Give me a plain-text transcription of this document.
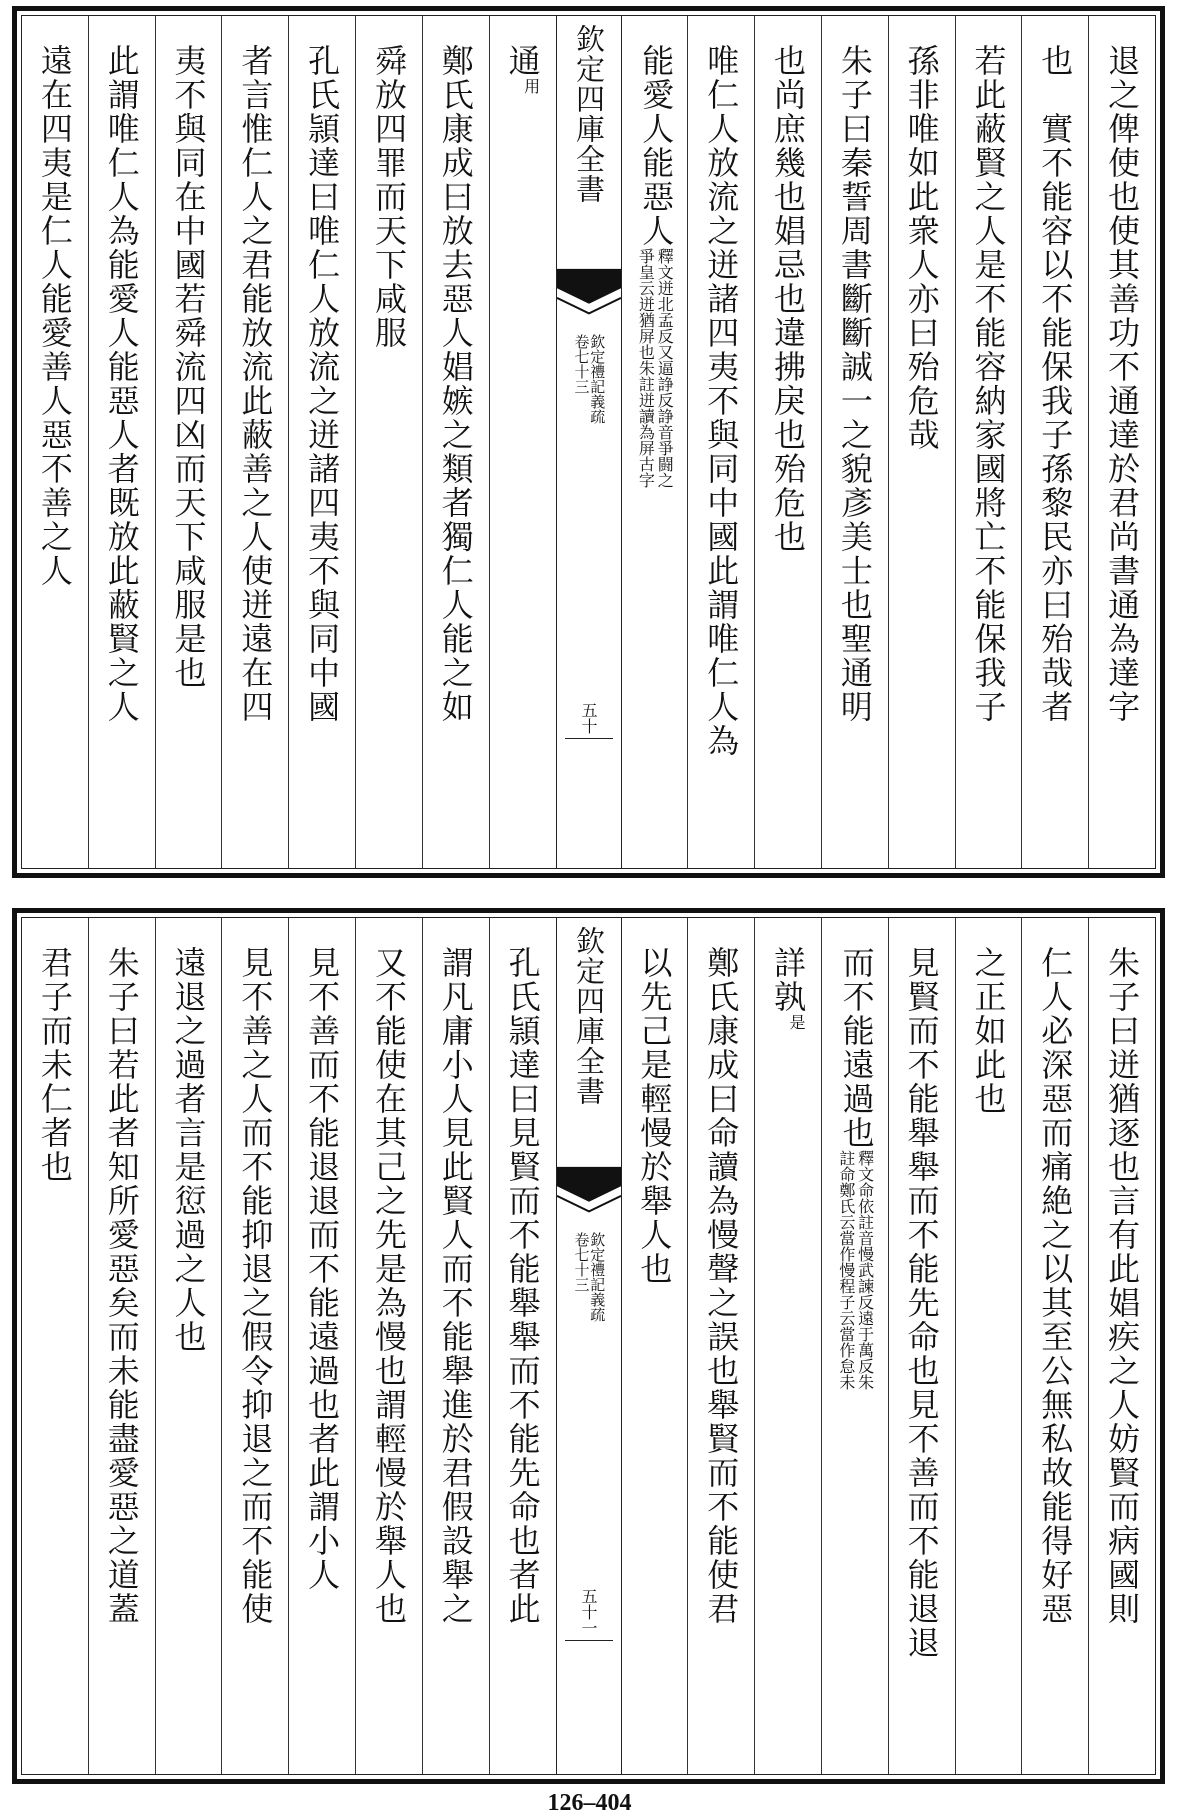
退之俾使也使其善功不通達於君尚書通為達字
也　實不能容以不能保我子孫黎民亦曰殆哉者
若此蔽賢之人是不能容納家國將亡不能保我子
孫非唯如此衆人亦曰殆危哉
朱子曰秦誓周書斷斷誠一之貌彥美士也聖通明
也尚庶幾也娼忌也違拂戾也殆危也
唯仁人放流之迸諸四夷不與同中國此謂唯仁人為
能愛人能惡人
釋文迸北孟反又逼諍反諍音爭闘之
爭皇云迸猶屏也朱註迸讀為屏古字
欽定四庫全書
欽定禮記義疏
卷七十三
五十
通$^用$
鄭氏康成曰放去惡人娼嫉之類者獨仁人能之如
舜放四罪而天下咸服
孔氏頴達曰唯仁人放流之迸諸四夷不與同中國
者言惟仁人之君能放流此蔽善之人使迸遠在四
夷不與同在中國若舜流四凶而天下咸服是也
此謂唯仁人為能愛人能惡人者既放此蔽賢之人
遠在四夷是仁人能愛善人惡不善之人
朱子曰迸猶逐也言有此娼疾之人妨賢而病國則
仁人必深惡而痛絶之以其至公無私故能得好惡
之正如此也
見賢而不能舉舉而不能先命也見不善而不能退退
而不能遠過也
釋文命依註音慢武諫反遠于萬反朱
註命鄭氏云當作慢程子云當作怠未
詳孰$^是$
鄭氏康成曰命讀為慢聲之誤也舉賢而不能使君
以先己是輕慢於舉人也
欽定四庫全書
欽定禮記義疏
卷七十三
五十一
孔氏頴達曰見賢而不能舉舉而不能先命也者此
謂凡庸小人見此賢人而不能舉進於君假設舉之
又不能使在其己之先是為慢也謂輕慢於舉人也
見不善而不能退退而不能遠過也者此謂小人
見不善之人而不能抑退之假令抑退之而不能使
遠退之過者言是愆過之人也
朱子曰若此者知所愛惡矣而未能盡愛惡之道蓋
君子而未仁者也
126–404
